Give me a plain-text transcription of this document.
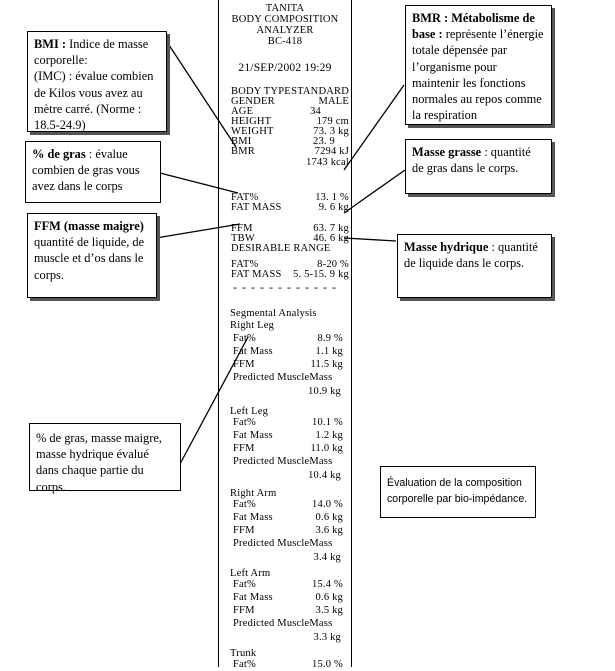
TANITA
BODY COMPOSITION
ANALYZER
BC-418
21/SEP/2002 19:29
BODY TYPE STANDARD
GENDER	MALE
AGE	34
HEIGHT	179 cm
WEIGHT	73. 3 kg
BMI	23. 9
BMR	7294 kJ
1743 kcal
FAT%	13. 1 %
FAT MASS	9. 6 kg
FFM	63. 7 kg
TBW	46. 6 kg
DESIRABLE RANGE
FAT%	8-20 %
FAT MASS 5. 5-15. 9 kg
- - - - - - - - - - - -
Segmental Analysis
Right Leg
Fat%	8.9 %
Fat Mass	1.1 kg
FFM	11.5 kg
Predicted MuscleMass
10.9 kg
Left Leg
Fat%	10.1 %
Fat Mass	1.2 kg
FFM	11.0 kg
Predicted MuscleMass
10.4 kg
Right Arm
Fat%	14.0 %
Fat Mass	0.6 kg
FFM	3.6 kg
Predicted MuscleMass
3.4 kg
Left Arm
Fat%	15.4 %
Fat Mass	0.6 kg
FFM	3.5 kg
Predicted MuscleMass
3.3 kg
Trunk
Fat%	15.0 %
BMI : Indice de masse corporelle:
(IMC) : évalue combien de Kilos vous avez au mètre carré. (Norme : 18.5-24.9)
% de gras : évalue combien de gras vous avez dans le corps
FFM (masse maigre) quantité de liquide, de muscle et d’os dans le corps.
BMR : Métabolisme de base : représente l’énergie totale dépensée par l’organisme pour maintenir les fonctions normales au repos comme la respiration
Masse grasse : quantité de gras dans le corps.
Masse hydrique : quantité de liquide dans le corps.
% de gras, masse maigre, masse hydrique évalué dans chaque partie du corps.	Évaluation de la composition corporelle par bio-impédance.
